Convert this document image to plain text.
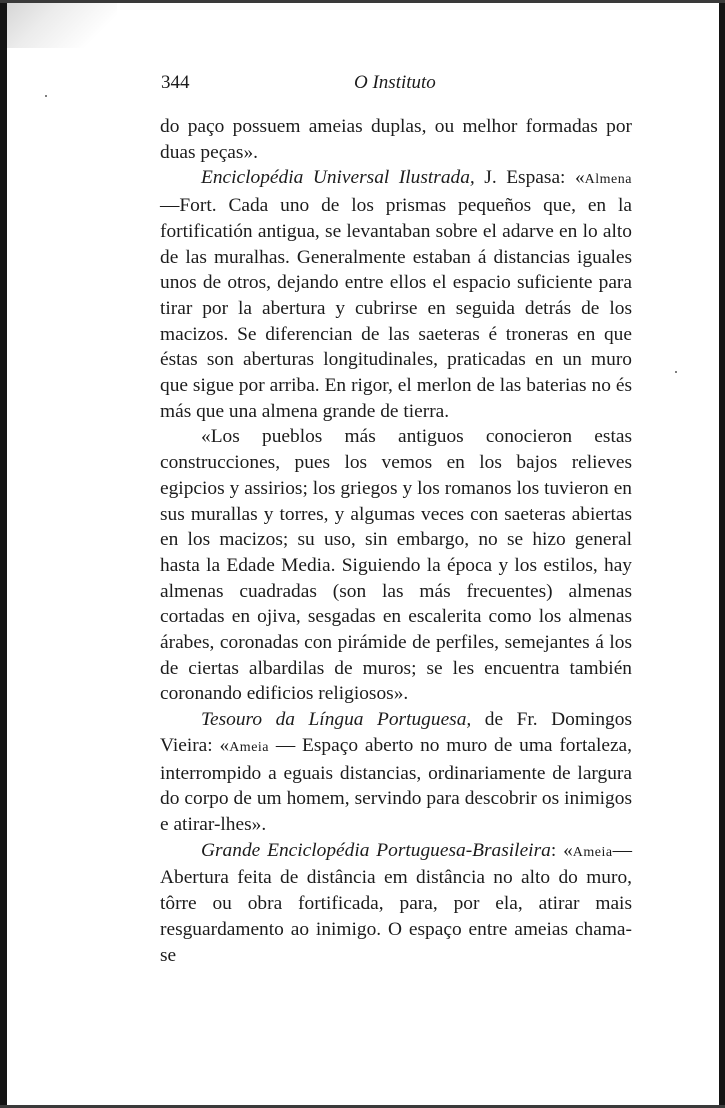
344	O Instituto

do paço possuem ameias duplas, ou melhor formadas por duas peças».

Enciclopédia Universal Ilustrada, J. Espasa: «Almena —Fort. Cada uno de los prismas pequeños que, en la fortificatión antigua, se levantaban sobre el adarve en lo alto de las muralhas. Generalmente estaban á distancias iguales unos de otros, dejando entre ellos el espacio suficiente para tirar por la abertura y cubrirse en seguida detrás de los macizos. Se diferencian de las saeteras é troneras en que éstas son aberturas longitudinales, praticadas en un muro que sigue por arriba. En rigor, el merlon de las baterias no és más que una almena grande de tierra.

«Los pueblos más antiguos conocieron estas construcciones, pues los vemos en los bajos relieves egipcios y assirios; los griegos y los romanos los tuvieron en sus murallas y torres, y algumas veces con saeteras abiertas en los macizos; su uso, sin embargo, no se hizo general hasta la Edade Media. Siguiendo la época y los estilos, hay almenas cuadradas (son las más frecuentes) almenas cortadas en ojiva, sesgadas en escalerita como los almenas árabes, coronadas con pirámide de perfiles, semejantes á los de ciertas albardilas de muros; se les encuentra también coronando edificios religiosos».

Tesouro da Língua Portuguesa, de Fr. Domingos Vieira: «Ameia — Espaço aberto no muro de uma fortaleza, interrompido a eguais distancias, ordinariamente de largura do corpo de um homem, servindo para descobrir os inimigos e atirar-lhes».

Grande Enciclopédia Portuguesa-Brasileira: «Ameia— Abertura feita de distância em distância no alto do muro, tôrre ou obra fortificada, para, por ela, atirar mais resguardamento ao inimigo. O espaço entre ameias chama-se
